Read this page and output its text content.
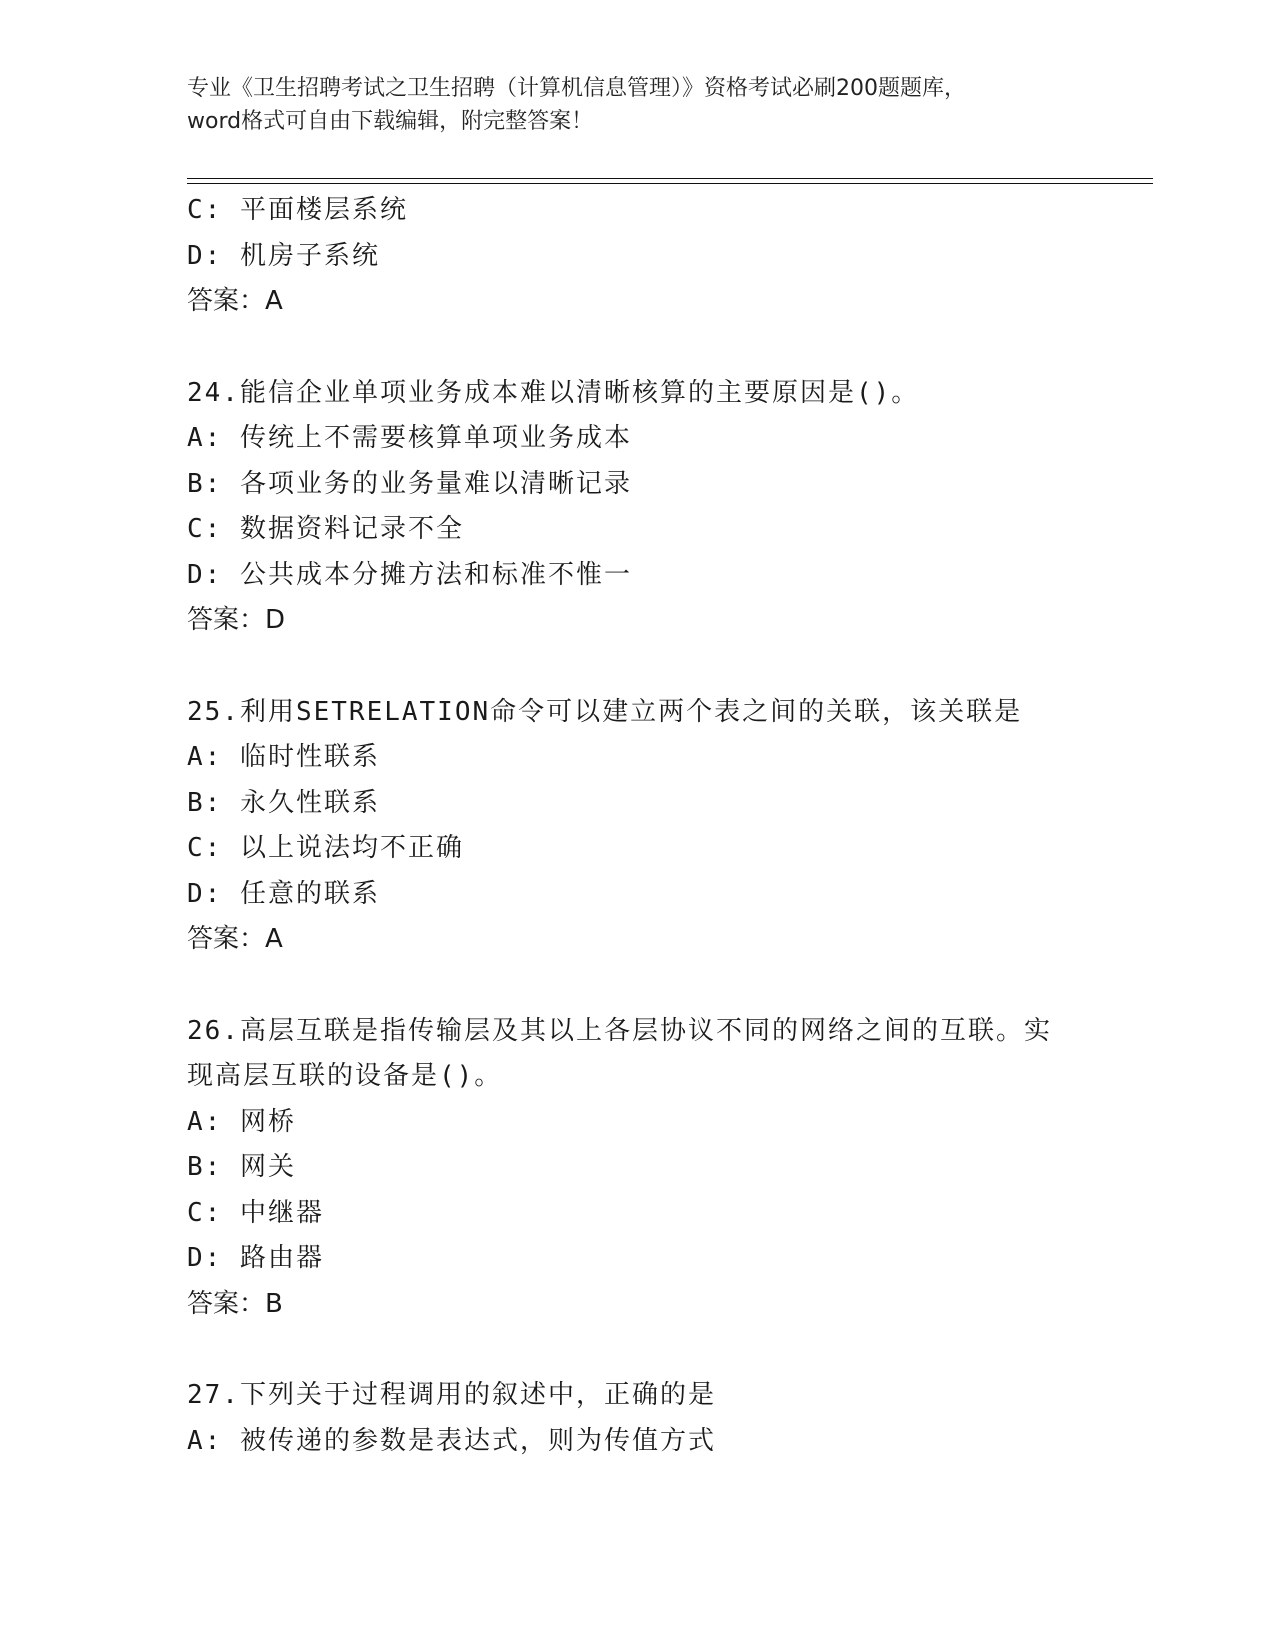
专业《卫生招聘考试之卫生招聘（计算机信息管理）》资格考试必刷200题题库，
word格式可自由下载编辑，附完整答案！
C: 平面楼层系统
D: 机房子系统
答案：A
24.能信企业单项业务成本难以清晰核算的主要原因是()。
A: 传统上不需要核算单项业务成本
B: 各项业务的业务量难以清晰记录
C: 数据资料记录不全
D: 公共成本分摊方法和标准不惟一
答案：D
25.利用SETRELATION命令可以建立两个表之间的关联，该关联是
A: 临时性联系
B: 永久性联系
C: 以上说法均不正确
D: 任意的联系
答案：A
26.高层互联是指传输层及其以上各层协议不同的网络之间的互联。实
现高层互联的设备是()。
A: 网桥
B: 网关
C: 中继器
D: 路由器
答案：B
27.下列关于过程调用的叙述中，正确的是
A: 被传递的参数是表达式，则为传值方式
